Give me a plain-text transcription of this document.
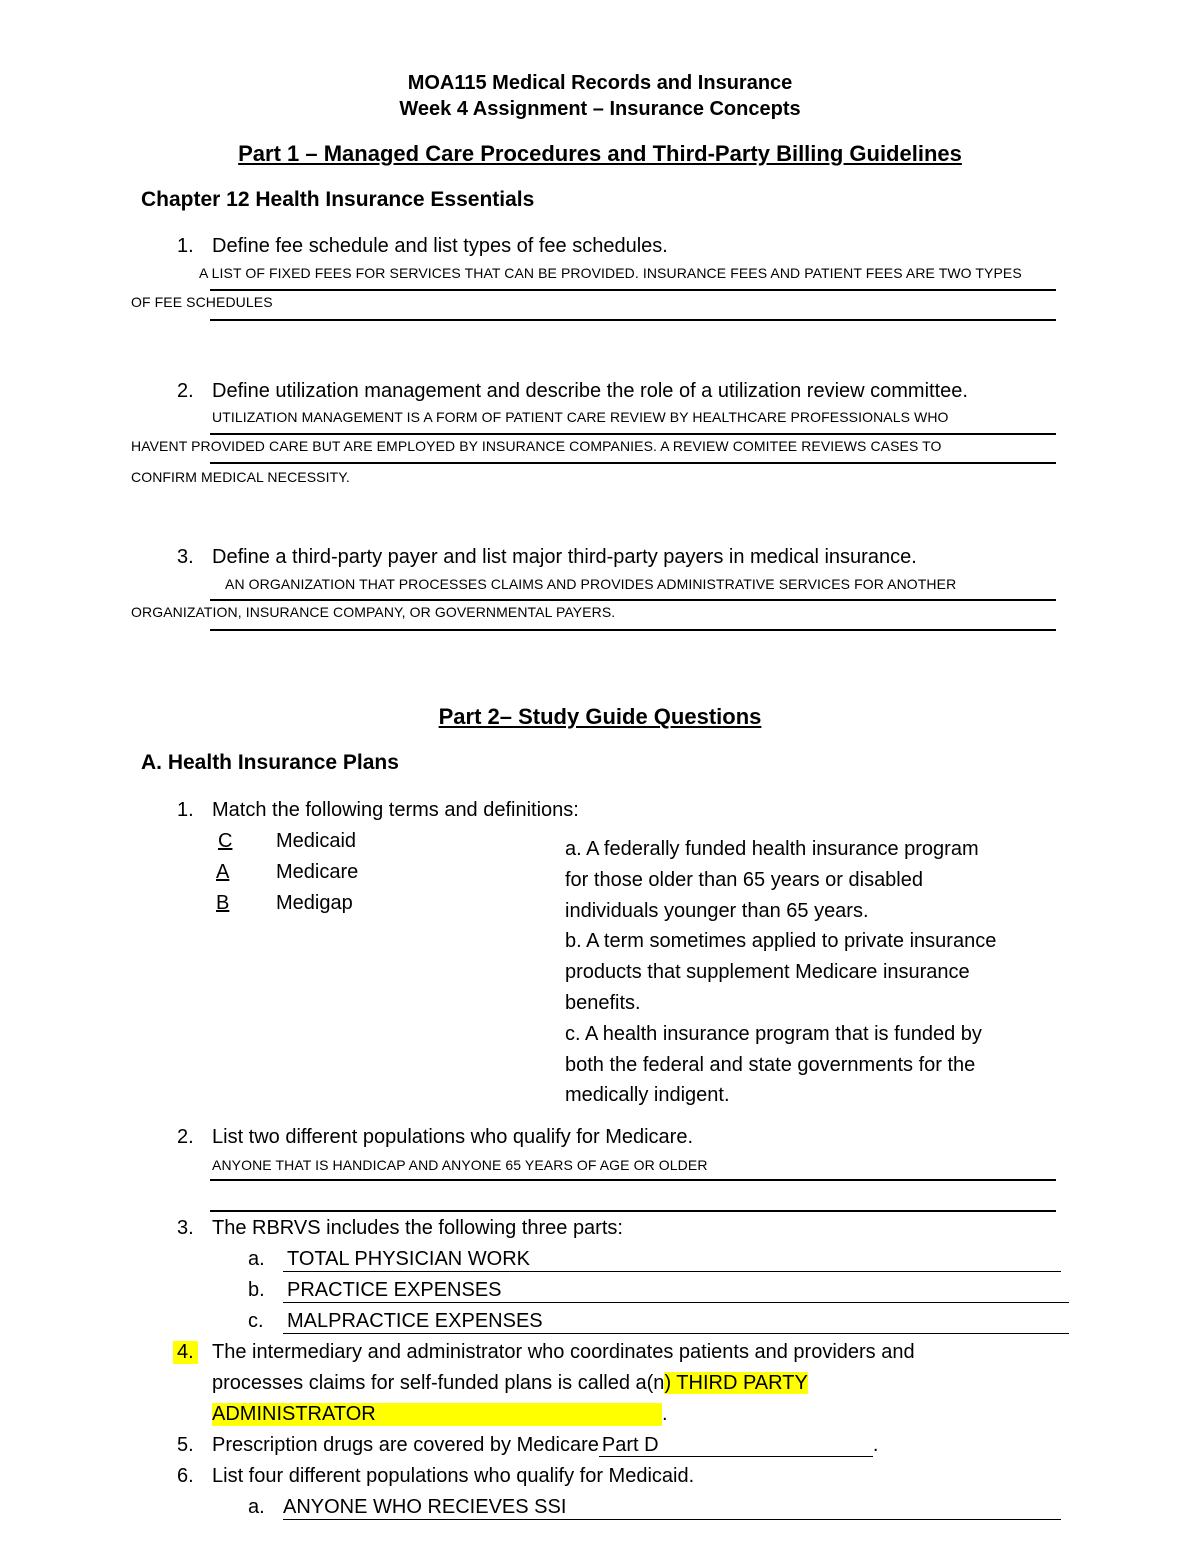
MOA115 Medical Records and Insurance
Week 4 Assignment – Insurance Concepts
Part 1 – Managed Care Procedures and Third-Party Billing Guidelines
Chapter 12 Health Insurance Essentials
1. Define fee schedule and list types of fee schedules.
A LIST OF FIXED FEES FOR SERVICES THAT CAN BE PROVIDED. INSURANCE FEES AND PATIENT FEES ARE TWO TYPES
OF FEE SCHEDULES
2. Define utilization management and describe the role of a utilization review committee.
UTILIZATION MANAGEMENT IS A FORM OF PATIENT CARE REVIEW BY HEALTHCARE PROFESSIONALS WHO
HAVENT PROVIDED CARE BUT ARE EMPLOYED BY INSURANCE COMPANIES. A REVIEW COMITEE REVIEWS CASES TO
CONFIRM MEDICAL NECESSITY.
3. Define a third-party payer and list major third-party payers in medical insurance.
AN ORGANIZATION THAT PROCESSES CLAIMS AND PROVIDES ADMINISTRATIVE SERVICES FOR ANOTHER
ORGANIZATION, INSURANCE COMPANY, OR GOVERNMENTAL PAYERS.
Part 2– Study Guide Questions
A. Health Insurance Plans
1. Match the following terms and definitions:
C Medicaid
A Medicare
B Medigap
a. A federally funded health insurance program
for those older than 65 years or disabled
individuals younger than 65 years.
b. A term sometimes applied to private insurance
products that supplement Medicare insurance
benefits.
c. A health insurance program that is funded by
both the federal and state governments for the
medically indigent.
2. List two different populations who qualify for Medicare.
ANYONE THAT IS HANDICAP AND ANYONE 65 YEARS OF AGE OR OLDER
3. The RBRVS includes the following three parts:
a. TOTAL PHYSICIAN WORK
b. PRACTICE EXPENSES
c. MALPRACTICE EXPENSES
4. The intermediary and administrator who coordinates patients and providers and
processes claims for self-funded plans is called a(n) THIRD PARTY
ADMINISTRATOR	.
5. Prescription drugs are covered by Medicare Part D	.
6. List four different populations who qualify for Medicaid.
a. ANYONE WHO RECIEVES SSI
